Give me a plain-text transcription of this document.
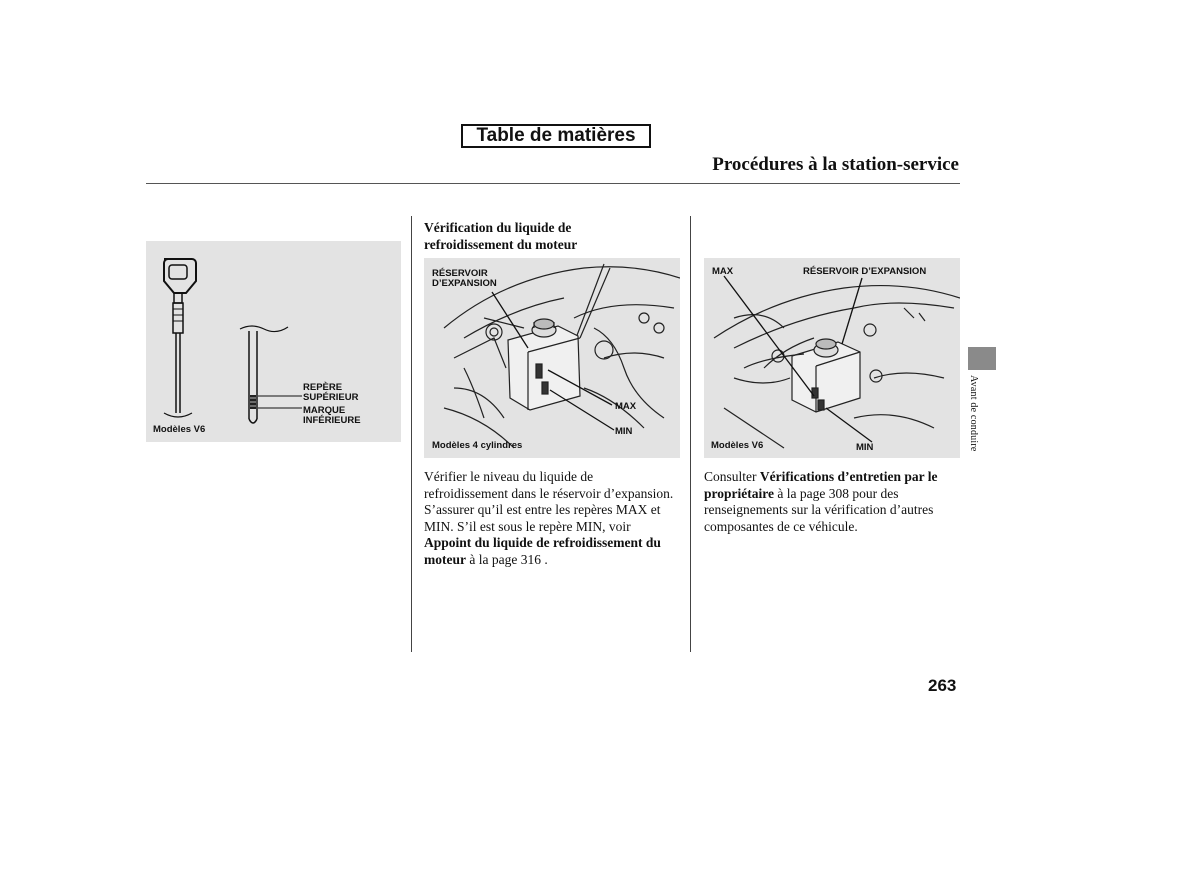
Table de matières
Procédures à la station-service
REPÈRE
SUPÉRIEUR
MARQUE
INFÉRIEURE
Modèles V6
Vérification du liquide de
refroidissement du moteur
RÉSERVOIR
D’EXPANSION
MAX
MIN
Modèles 4 cylindres
Vérifier le niveau du liquide de
refroidissement dans le réservoir d’expansion.
S’assurer qu’il est entre les repères MAX et
MIN. S’il est sous le repère MIN, voir
Appoint du liquide de refroidissement du
moteur à la page 316 .
MAX	RÉSERVOIR D’EXPANSION
MIN
Modèles V6
Consulter Vérifications d’entretien par le
propriétaire à la page 308 pour des
renseignements sur la vérification d’autres
composantes de ce véhicule.
Avant de conduire
263
